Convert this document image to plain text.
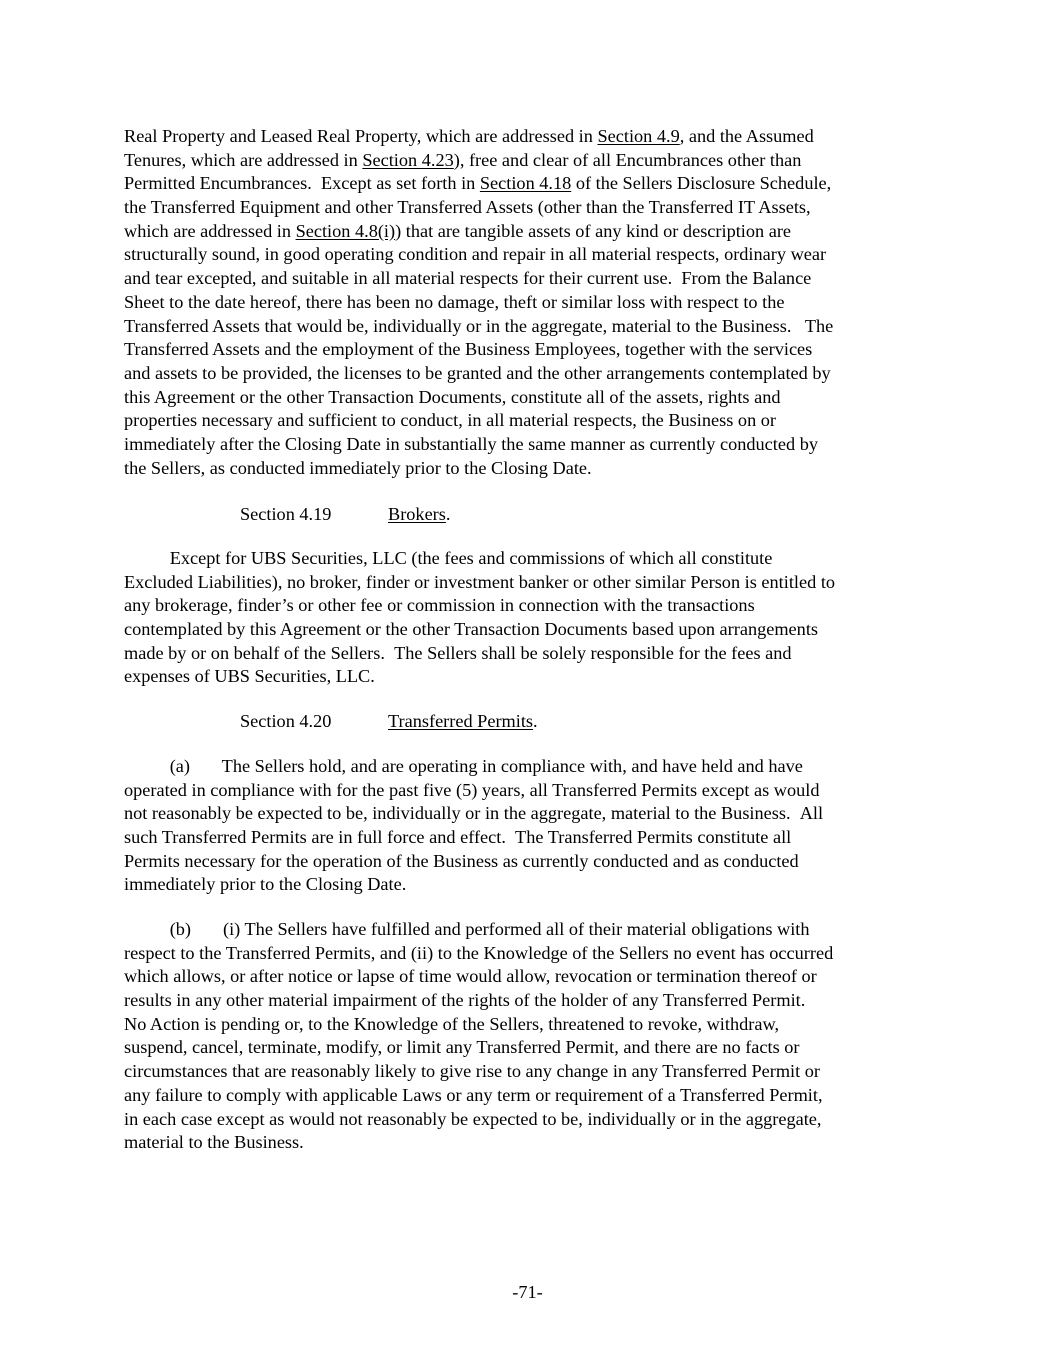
Real Property and Leased Real Property, which are addressed in Section 4.9, and the Assumed
Tenures, which are addressed in Section 4.23), free and clear of all Encumbrances other than
Permitted Encumbrances.  Except as set forth in Section 4.18 of the Sellers Disclosure Schedule,
the Transferred Equipment and other Transferred Assets (other than the Transferred IT Assets,
which are addressed in Section 4.8(i)) that are tangible assets of any kind or description are
structurally sound, in good operating condition and repair in all material respects, ordinary wear
and tear excepted, and suitable in all material respects for their current use.  From the Balance
Sheet to the date hereof, there has been no damage, theft or similar loss with respect to the
Transferred Assets that would be, individually or in the aggregate, material to the Business.   The
Transferred Assets and the employment of the Business Employees, together with the services
and assets to be provided, the licenses to be granted and the other arrangements contemplated by
this Agreement or the other Transaction Documents, constitute all of the assets, rights and
properties necessary and sufficient to conduct, in all material respects, the Business on or
immediately after the Closing Date in substantially the same manner as currently conducted by
the Sellers, as conducted immediately prior to the Closing Date.
Section 4.19	Brokers.
Except for UBS Securities, LLC (the fees and commissions of which all constitute
Excluded Liabilities), no broker, finder or investment banker or other similar Person is entitled to
any brokerage, finder’s or other fee or commission in connection with the transactions
contemplated by this Agreement or the other Transaction Documents based upon arrangements
made by or on behalf of the Sellers.  The Sellers shall be solely responsible for the fees and
expenses of UBS Securities, LLC.
Section 4.20	Transferred Permits.
(a)       The Sellers hold, and are operating in compliance with, and have held and have
operated in compliance with for the past five (5) years, all Transferred Permits except as would
not reasonably be expected to be, individually or in the aggregate, material to the Business.  All
such Transferred Permits are in full force and effect.  The Transferred Permits constitute all
Permits necessary for the operation of the Business as currently conducted and as conducted
immediately prior to the Closing Date.
(b)       (i) The Sellers have fulfilled and performed all of their material obligations with
respect to the Transferred Permits, and (ii) to the Knowledge of the Sellers no event has occurred
which allows, or after notice or lapse of time would allow, revocation or termination thereof or
results in any other material impairment of the rights of the holder of any Transferred Permit.
No Action is pending or, to the Knowledge of the Sellers, threatened to revoke, withdraw,
suspend, cancel, terminate, modify, or limit any Transferred Permit, and there are no facts or
circumstances that are reasonably likely to give rise to any change in any Transferred Permit or
any failure to comply with applicable Laws or any term or requirement of a Transferred Permit,
in each case except as would not reasonably be expected to be, individually or in the aggregate,
material to the Business.
-71-
